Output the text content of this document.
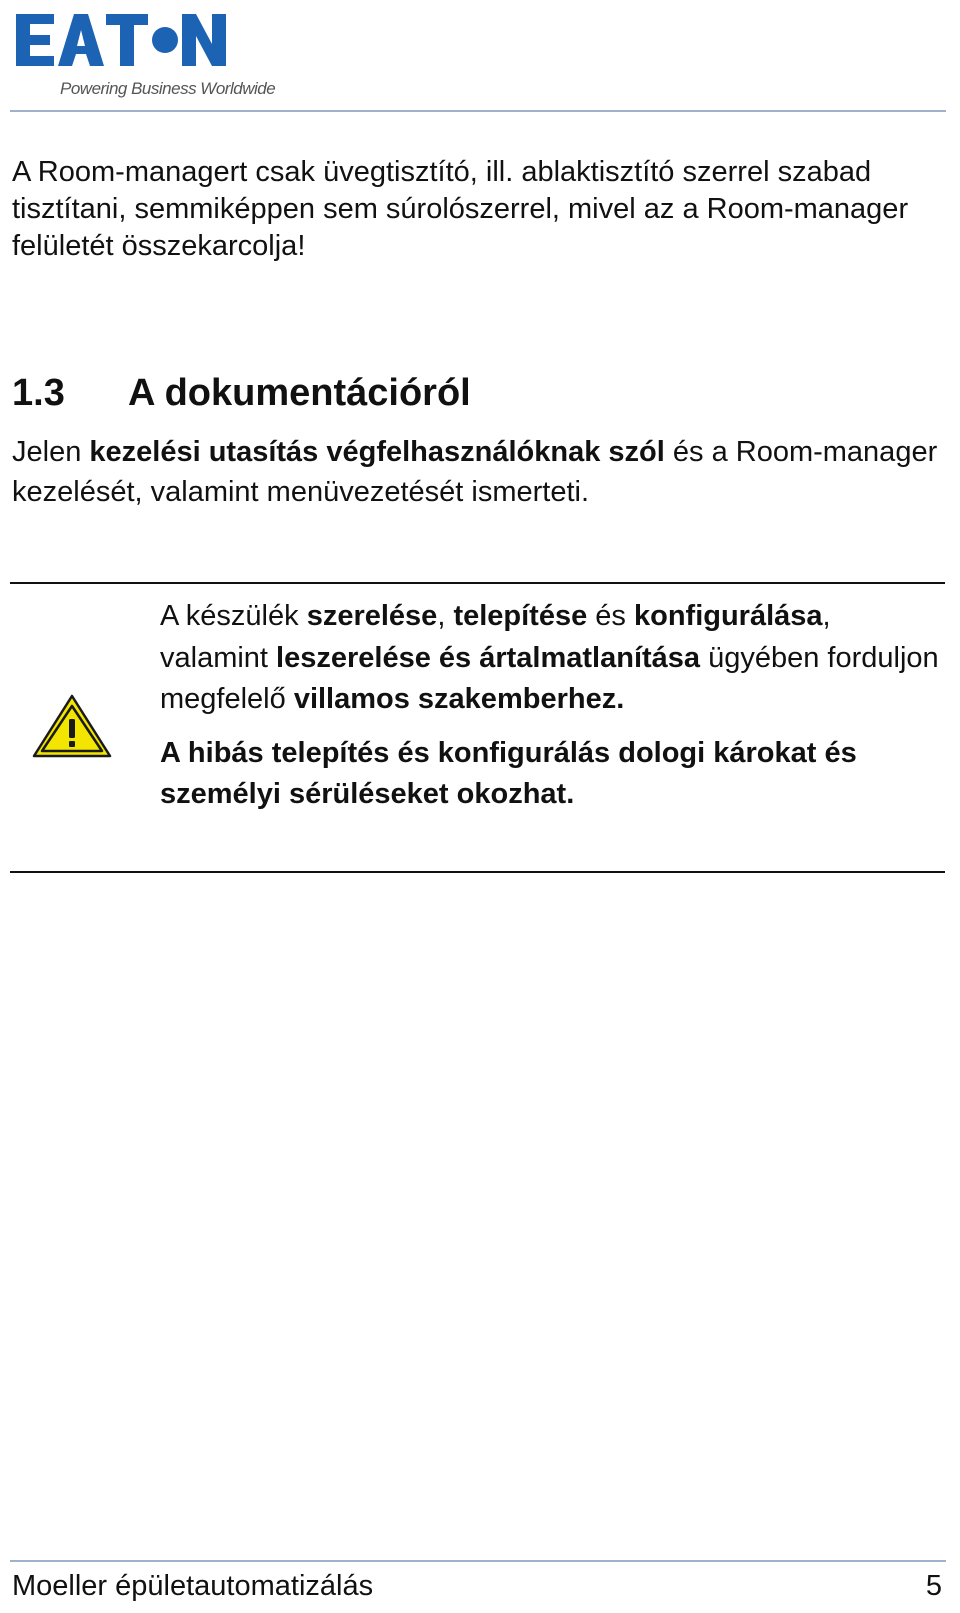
Powering Business Worldwide
A Room-managert csak üvegtisztító, ill. ablaktisztító szerrel szabad tisztítani, semmiképpen sem súrolószerrel, mivel az a Room-manager felületét összekarcolja!
1.3 A dokumentációról
Jelen kezelési utasítás végfelhasználóknak szól és a Room-manager kezelését, valamint menüvezetését ismerteti.

A készülék szerelése, telepítése és konfigurálása, valamint leszerelése és ártalmatlanítása ügyében forduljon megfelelő villamos szakemberhez.

A hibás telepítés és konfigurálás dologi károkat és személyi sérüléseket okozhat.

Moeller épületautomatizálás	5
